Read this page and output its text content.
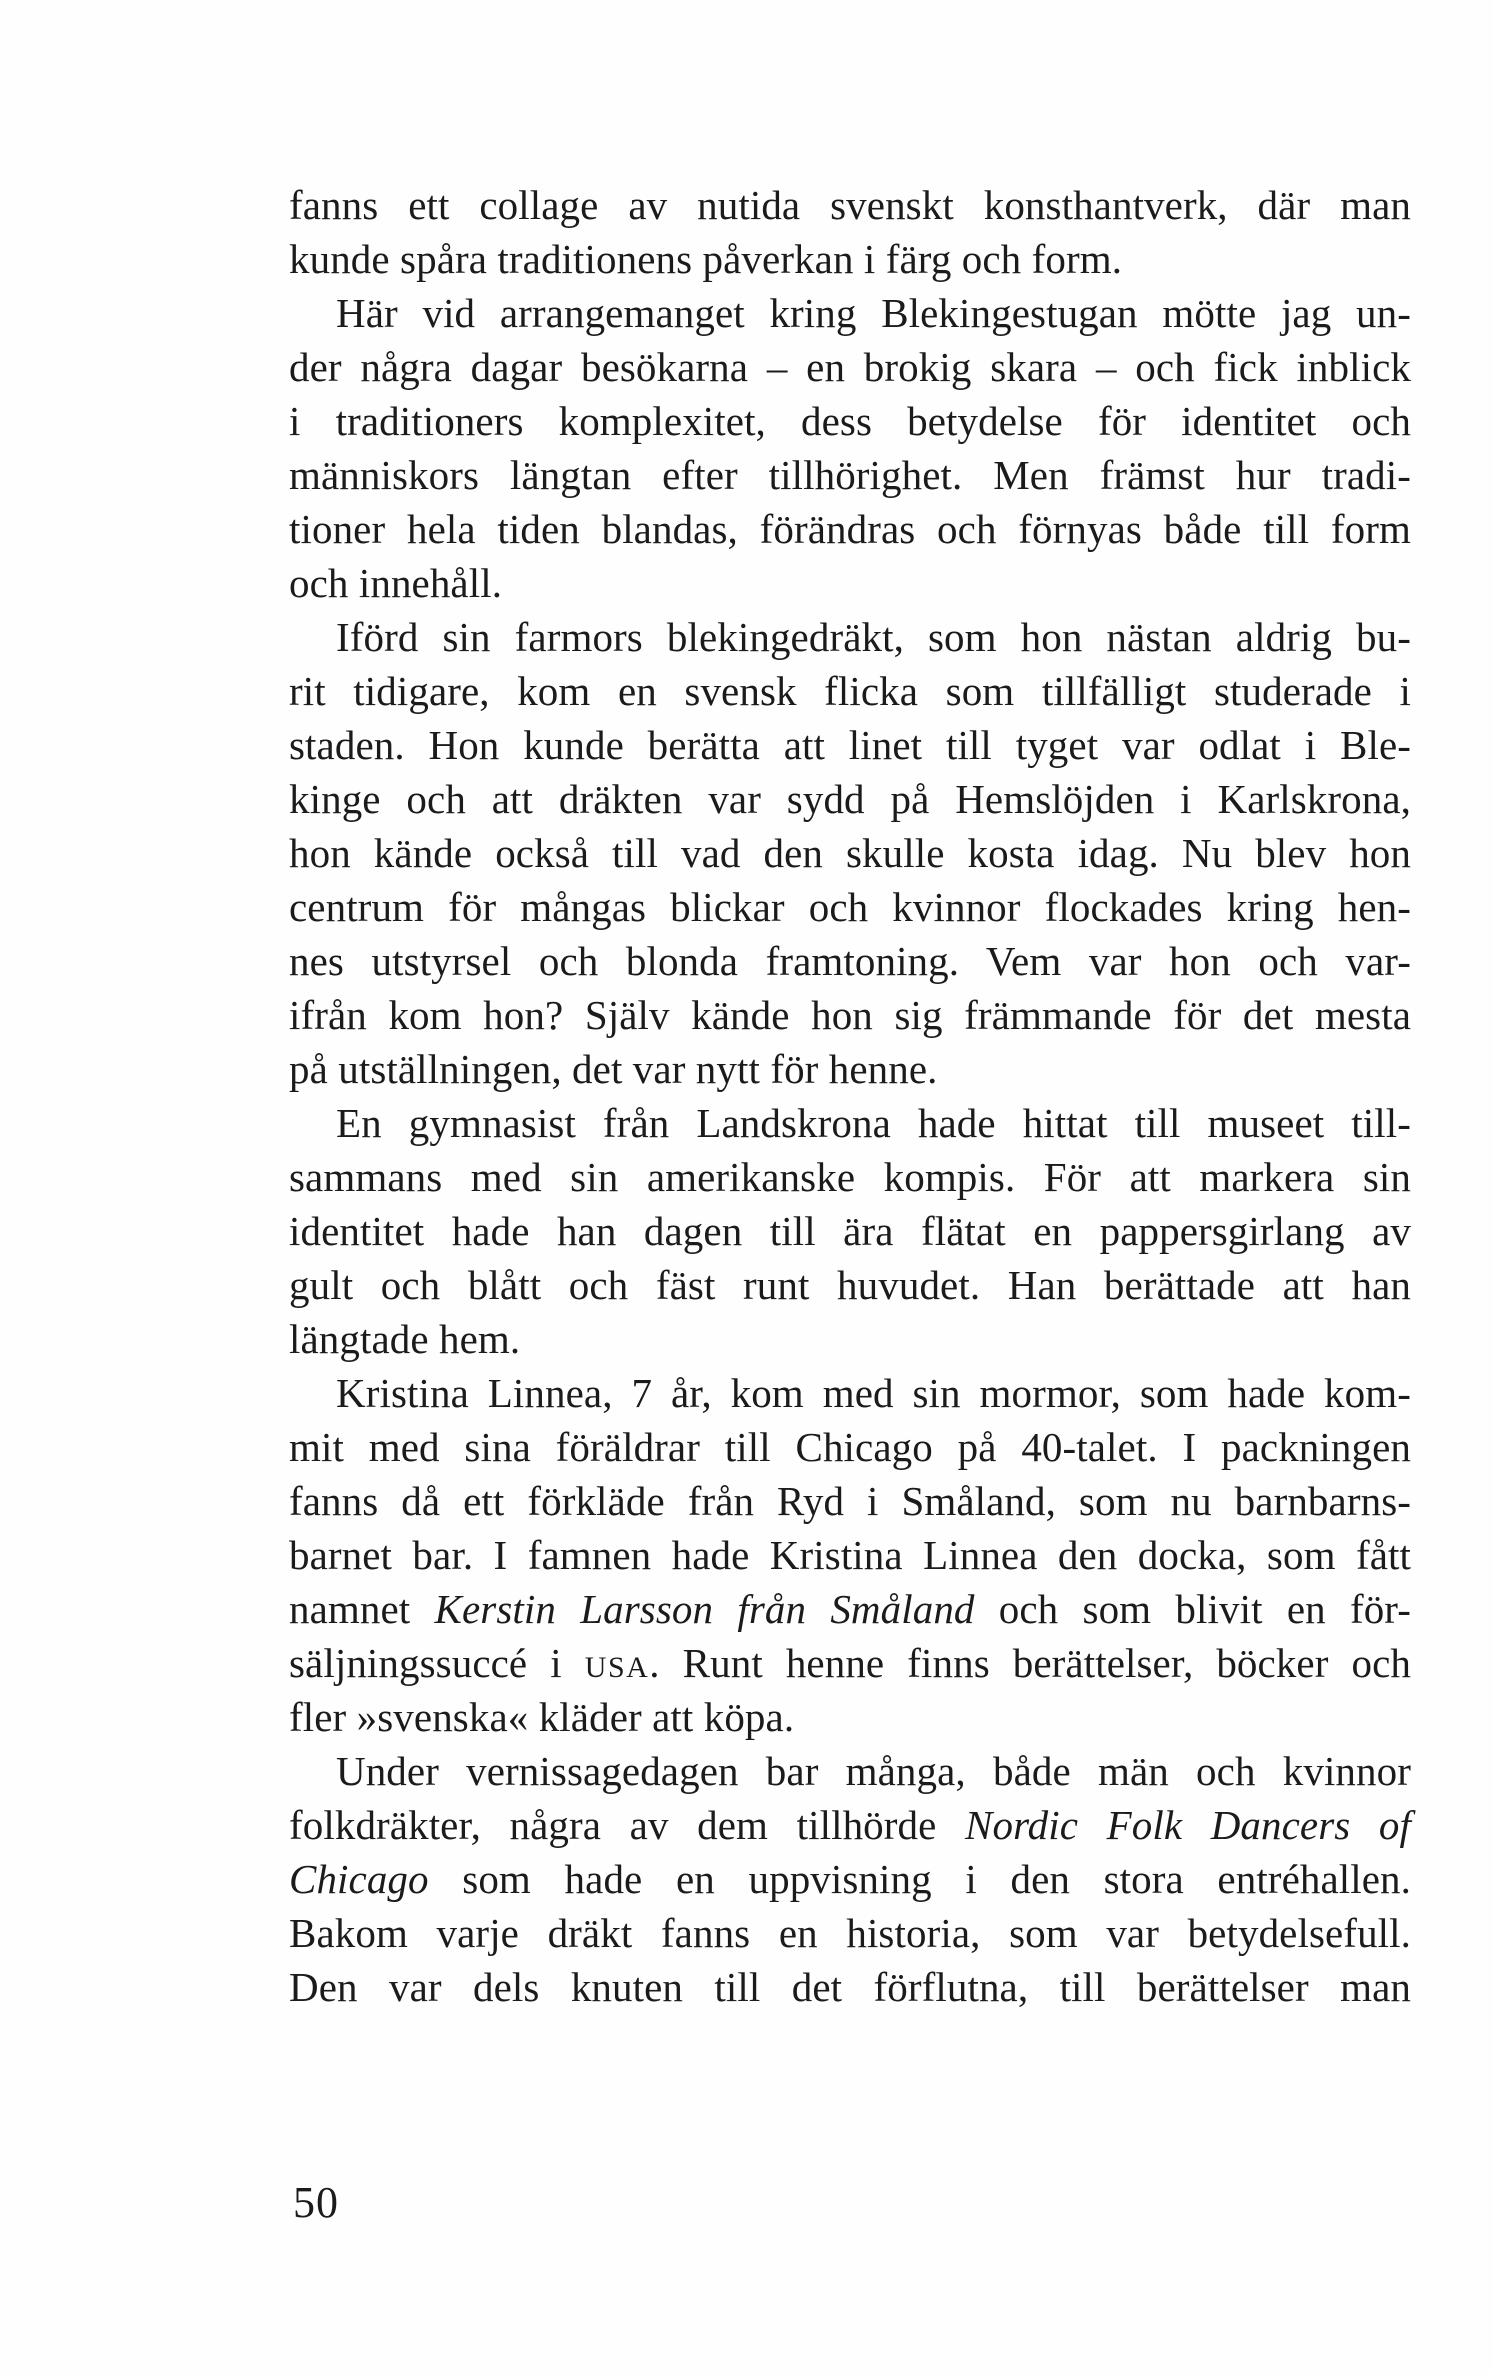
fanns ett collage av nutida svenskt konsthantverk, där man
kunde spåra traditionens påverkan i färg och form.
Här vid arrangemanget kring Blekingestugan mötte jag un-
der några dagar besökarna – en brokig skara – och fick inblick
i traditioners komplexitet, dess betydelse för identitet och
människors längtan efter tillhörighet. Men främst hur tradi-
tioner hela tiden blandas, förändras och förnyas både till form
och innehåll.
Iförd sin farmors blekingedräkt, som hon nästan aldrig bu-
rit tidigare, kom en svensk flicka som tillfälligt studerade i
staden. Hon kunde berätta att linet till tyget var odlat i Ble-
kinge och att dräkten var sydd på Hemslöjden i Karlskrona,
hon kände också till vad den skulle kosta idag. Nu blev hon
centrum för mångas blickar och kvinnor flockades kring hen-
nes utstyrsel och blonda framtoning. Vem var hon och var-
ifrån kom hon? Själv kände hon sig främmande för det mesta
på utställningen, det var nytt för henne.
En gymnasist från Landskrona hade hittat till museet till-
sammans med sin amerikanske kompis. För att markera sin
identitet hade han dagen till ära flätat en pappersgirlang av
gult och blått och fäst runt huvudet. Han berättade att han
längtade hem.
Kristina Linnea, 7 år, kom med sin mormor, som hade kom-
mit med sina föräldrar till Chicago på 40-talet. I packningen
fanns då ett förkläde från Ryd i Småland, som nu barnbarns-
barnet bar. I famnen hade Kristina Linnea den docka, som fått
namnet Kerstin Larsson från Småland och som blivit en för-
säljningssuccé i USA. Runt henne finns berättelser, böcker och
fler »svenska« kläder att köpa.
Under vernissagedagen bar många, både män och kvinnor
folkdräkter, några av dem tillhörde Nordic Folk Dancers of
Chicago som hade en uppvisning i den stora entréhallen.
Bakom varje dräkt fanns en historia, som var betydelsefull.
Den var dels knuten till det förflutna, till berättelser man
50
